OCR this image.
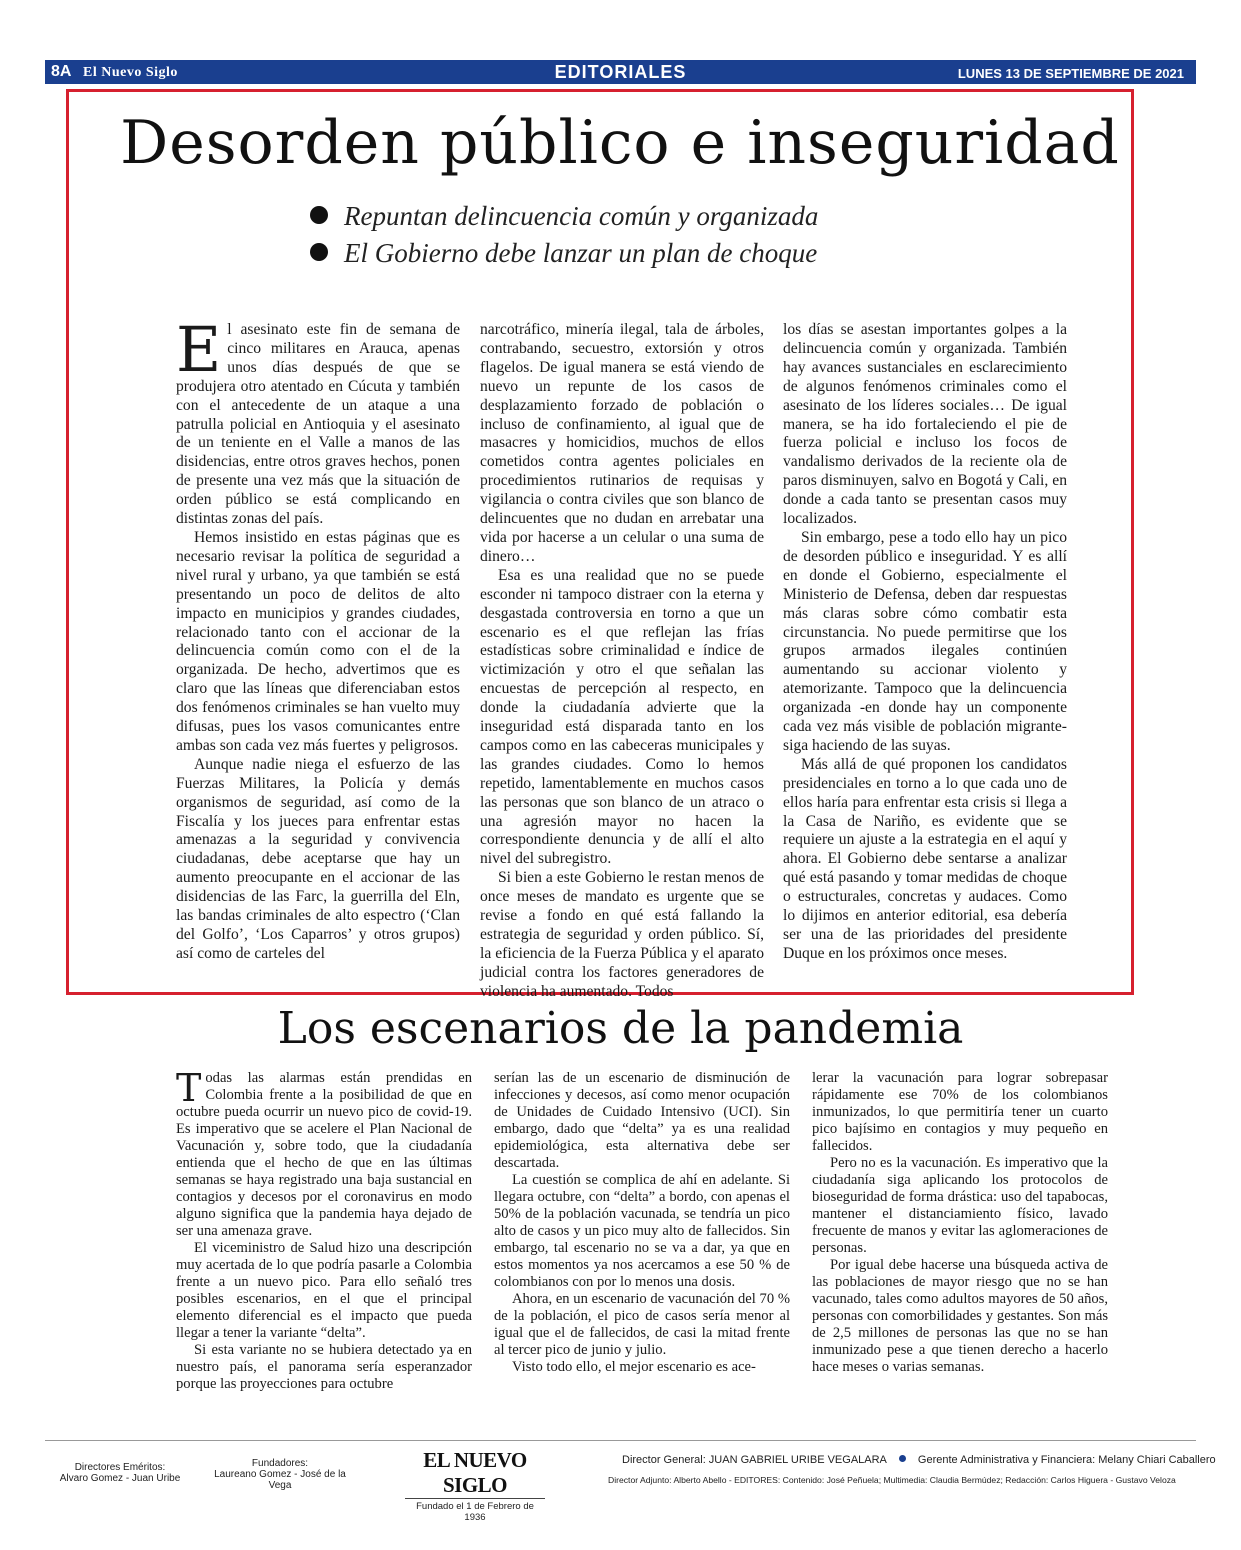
8A El Nuevo Siglo	EDITORIALES	LUNES 13 DE SEPTIEMBRE DE 2021
Desorden público e inseguridad
Repuntan delincuencia común y organizada
El Gobierno debe lanzar un plan de choque

El asesinato este fin de semana de cinco militares en Arauca, apenas unos días después de que se produjera otro atentado en Cúcuta y también con el antecedente de un ataque a una patrulla policial en Antioquia y el asesinato de un teniente en el Valle a manos de las disidencias, entre otros graves hechos, ponen de presente una vez más que la situación de orden público se está complicando en distintas zonas del país.

Hemos insistido en estas páginas que es necesario revisar la política de seguridad a nivel rural y urbano, ya que también se está presentando un poco de delitos de alto impacto en municipios y grandes ciudades, relacionado tanto con el accionar de la delincuencia común como con el de la organizada. De hecho, advertimos que es claro que las líneas que diferenciaban estos dos fenómenos criminales se han vuelto muy difusas, pues los vasos comunicantes entre ambas son cada vez más fuertes y peligrosos.

Aunque nadie niega el esfuerzo de las Fuerzas Militares, la Policía y demás organismos de seguridad, así como de la Fiscalía y los jueces para enfrentar estas amenazas a la seguridad y convivencia ciudadanas, debe aceptarse que hay un aumento preocupante en el accionar de las disidencias de las Farc, la guerrilla del Eln, las bandas criminales de alto espectro (‘Clan del Golfo’, ‘Los Caparros’ y otros grupos) así como de carteles del

narcotráfico, minería ilegal, tala de árboles, contrabando, secuestro, extorsión y otros flagelos. De igual manera se está viendo de nuevo un repunte de los casos de desplazamiento forzado de población o incluso de confinamiento, al igual que de masacres y homicidios, muchos de ellos cometidos contra agentes policiales en procedimientos rutinarios de requisas y vigilancia o contra civiles que son blanco de delincuentes que no dudan en arrebatar una vida por hacerse a un celular o una suma de dinero…

Esa es una realidad que no se puede esconder ni tampoco distraer con la eterna y desgastada controversia en torno a que un escenario es el que reflejan las frías estadísticas sobre criminalidad e índice de victimización y otro el que señalan las encuestas de percepción al respecto, en donde la ciudadanía advierte que la inseguridad está disparada tanto en los campos como en las cabeceras municipales y las grandes ciudades. Como lo hemos repetido, lamentablemente en muchos casos las personas que son blanco de un atraco o una agresión mayor no hacen la correspondiente denuncia y de allí el alto nivel del subregistro.

Si bien a este Gobierno le restan menos de once meses de mandato es urgente que se revise a fondo en qué está fallando la estrategia de seguridad y orden público. Sí, la eficiencia de la Fuerza Pública y el aparato judicial contra los factores generadores de violencia ha aumentado. Todos

los días se asestan importantes golpes a la delincuencia común y organizada. También hay avances sustanciales en esclarecimiento de algunos fenómenos criminales como el asesinato de los líderes sociales… De igual manera, se ha ido fortaleciendo el pie de fuerza policial e incluso los focos de vandalismo derivados de la reciente ola de paros disminuyen, salvo en Bogotá y Cali, en donde a cada tanto se presentan casos muy localizados.

Sin embargo, pese a todo ello hay un pico de desorden público e inseguridad. Y es allí en donde el Gobierno, especialmente el Ministerio de Defensa, deben dar respuestas más claras sobre cómo combatir esta circunstancia. No puede permitirse que los grupos armados ilegales continúen aumentando su accionar violento y atemorizante. Tampoco que la delincuencia organizada -en donde hay un componente cada vez más visible de población migrante- siga haciendo de las suyas.

Más allá de qué proponen los candidatos presidenciales en torno a lo que cada uno de ellos haría para enfrentar esta crisis si llega a la Casa de Nariño, es evidente que se requiere un ajuste a la estrategia en el aquí y ahora. El Gobierno debe sentarse a analizar qué está pasando y tomar medidas de choque o estructurales, concretas y audaces. Como lo dijimos en anterior editorial, esa debería ser una de las prioridades del presidente Duque en los próximos once meses.

Los escenarios de la pandemia

Todas las alarmas están prendidas en Colombia frente a la posibilidad de que en octubre pueda ocurrir un nuevo pico de covid-19. Es imperativo que se acelere el Plan Nacional de Vacunación y, sobre todo, que la ciudadanía entienda que el hecho de que en las últimas semanas se haya registrado una baja sustancial en contagios y decesos por el coronavirus en modo alguno significa que la pandemia haya dejado de ser una amenaza grave.

El viceministro de Salud hizo una descripción muy acertada de lo que podría pasarle a Colombia frente a un nuevo pico. Para ello señaló tres posibles escenarios, en el que el principal elemento diferencial es el impacto que pueda llegar a tener la variante “delta”.

Si esta variante no se hubiera detectado ya en nuestro país, el panorama sería esperanzador porque las proyecciones para octubre

serían las de un escenario de disminución de infecciones y decesos, así como menor ocupación de Unidades de Cuidado Intensivo (UCI). Sin embargo, dado que “delta” ya es una realidad epidemiológica, esta alternativa debe ser descartada.

La cuestión se complica de ahí en adelante. Si llegara octubre, con “delta” a bordo, con apenas el 50% de la población vacunada, se tendría un pico alto de casos y un pico muy alto de fallecidos. Sin embargo, tal escenario no se va a dar, ya que en estos momentos ya nos acercamos a ese 50 % de colombianos con por lo menos una dosis.

Ahora, en un escenario de vacunación del 70 % de la población, el pico de casos sería menor al igual que el de fallecidos, de casi la mitad frente al tercer pico de junio y julio.

Visto todo ello, el mejor escenario es ace-

lerar la vacunación para lograr sobrepasar rápidamente ese 70% de los colombianos inmunizados, lo que permitiría tener un cuarto pico bajísimo en contagios y muy pequeño en fallecidos.

Pero no es la vacunación. Es imperativo que la ciudadanía siga aplicando los protocolos de bioseguridad de forma drástica: uso del tapabocas, mantener el distanciamiento físico, lavado frecuente de manos y evitar las aglomeraciones de personas.

Por igual debe hacerse una búsqueda activa de las poblaciones de mayor riesgo que no se han vacunado, tales como adultos mayores de 50 años, personas con comorbilidades y gestantes. Son más de 2,5 millones de personas las que no se han inmunizado pese a que tienen derecho a hacerlo hace meses o varias semanas.

Directores Eméritos:
Alvaro Gomez - Juan Uribe
Fundadores:
Laureano Gomez - José de la Vega
EL NUEVO SIGLO
Fundado el 1 de Febrero de 1936
Director General: JUAN GABRIEL URIBE VEGALARA	Gerente Administrativa y Financiera: Melany Chiari Caballero
Director Adjunto: Alberto Abello - EDITORES: Contenido: José Peñuela; Multimedia: Claudia Bermúdez; Redacción: Carlos Higuera - Gustavo Veloza
